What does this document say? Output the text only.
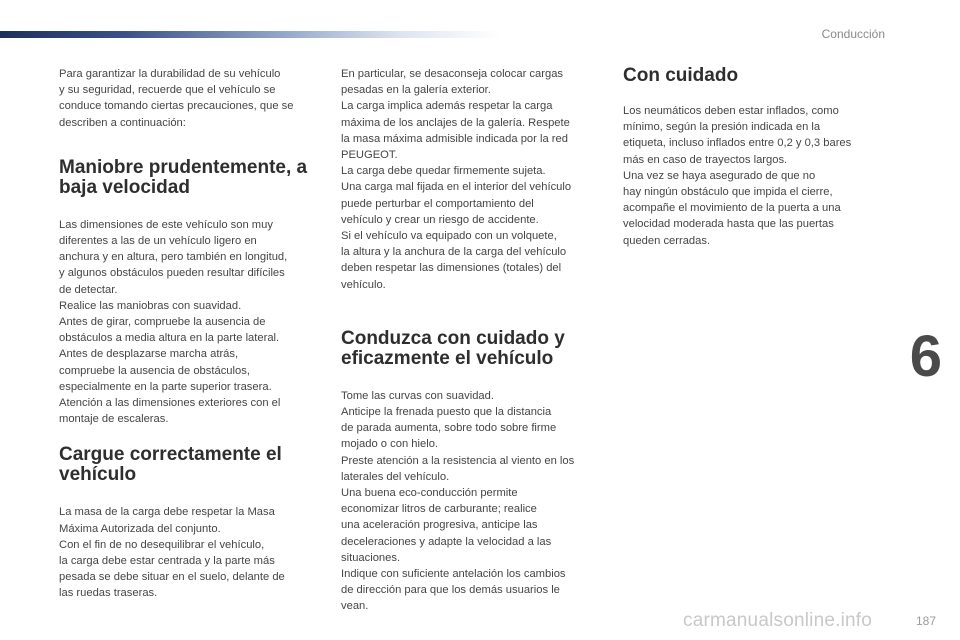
Conducción

Para garantizar la durabilidad de su vehículo

y su seguridad, recuerde que el vehículo se

conduce tomando ciertas precauciones, que se

describen a continuación:

Maniobre prudentemente, a
baja velocidad

Las dimensiones de este vehículo son muy

diferentes a las de un vehículo ligero en

anchura y en altura, pero también en longitud,

y algunos obstáculos pueden resultar difíciles

de detectar.

Realice las maniobras con suavidad.

Antes de girar, compruebe la ausencia de

obstáculos a media altura en la parte lateral.

Antes de desplazarse marcha atrás,

compruebe la ausencia de obstáculos,

especialmente en la parte superior trasera.

Atención a las dimensiones exteriores con el

montaje de escaleras.

Cargue correctamente el
vehículo

La masa de la carga debe respetar la Masa

Máxima Autorizada del conjunto.

Con el fin de no desequilibrar el vehículo,

la carga debe estar centrada y la parte más

pesada se debe situar en el suelo, delante de

las ruedas traseras.

En particular, se desaconseja colocar cargas

pesadas en la galería exterior.

La carga implica además respetar la carga

máxima de los anclajes de la galería. Respete

la masa máxima admisible indicada por la red

PEUGEOT.

La carga debe quedar firmemente sujeta.

Una carga mal fijada en el interior del vehículo

puede perturbar el comportamiento del

vehículo y crear un riesgo de accidente.

Si el vehículo va equipado con un volquete,

la altura y la anchura de la carga del vehículo

deben respetar las dimensiones (totales) del

vehículo.

Conduzca con cuidado y
eficazmente el vehículo

Tome las curvas con suavidad.

Anticipe la frenada puesto que la distancia

de parada aumenta, sobre todo sobre firme

mojado o con hielo.

Preste atención a la resistencia al viento en los

laterales del vehículo.

Una buena eco-conducción permite

economizar litros de carburante; realice

una aceleración progresiva, anticipe las

deceleraciones y adapte la velocidad a las

situaciones.

Indique con suficiente antelación los cambios

de dirección para que los demás usuarios le

vean.

Con cuidado

Los neumáticos deben estar inflados, como

mínimo, según la presión indicada en la

etiqueta, incluso inflados entre 0,2 y 0,3 bares

más en caso de trayectos largos.

Una vez se haya asegurado de que no

hay ningún obstáculo que impida el cierre,

acompañe el movimiento de la puerta a una

velocidad moderada hasta que las puertas

queden cerradas.

6
carmanualsonline.info	187
